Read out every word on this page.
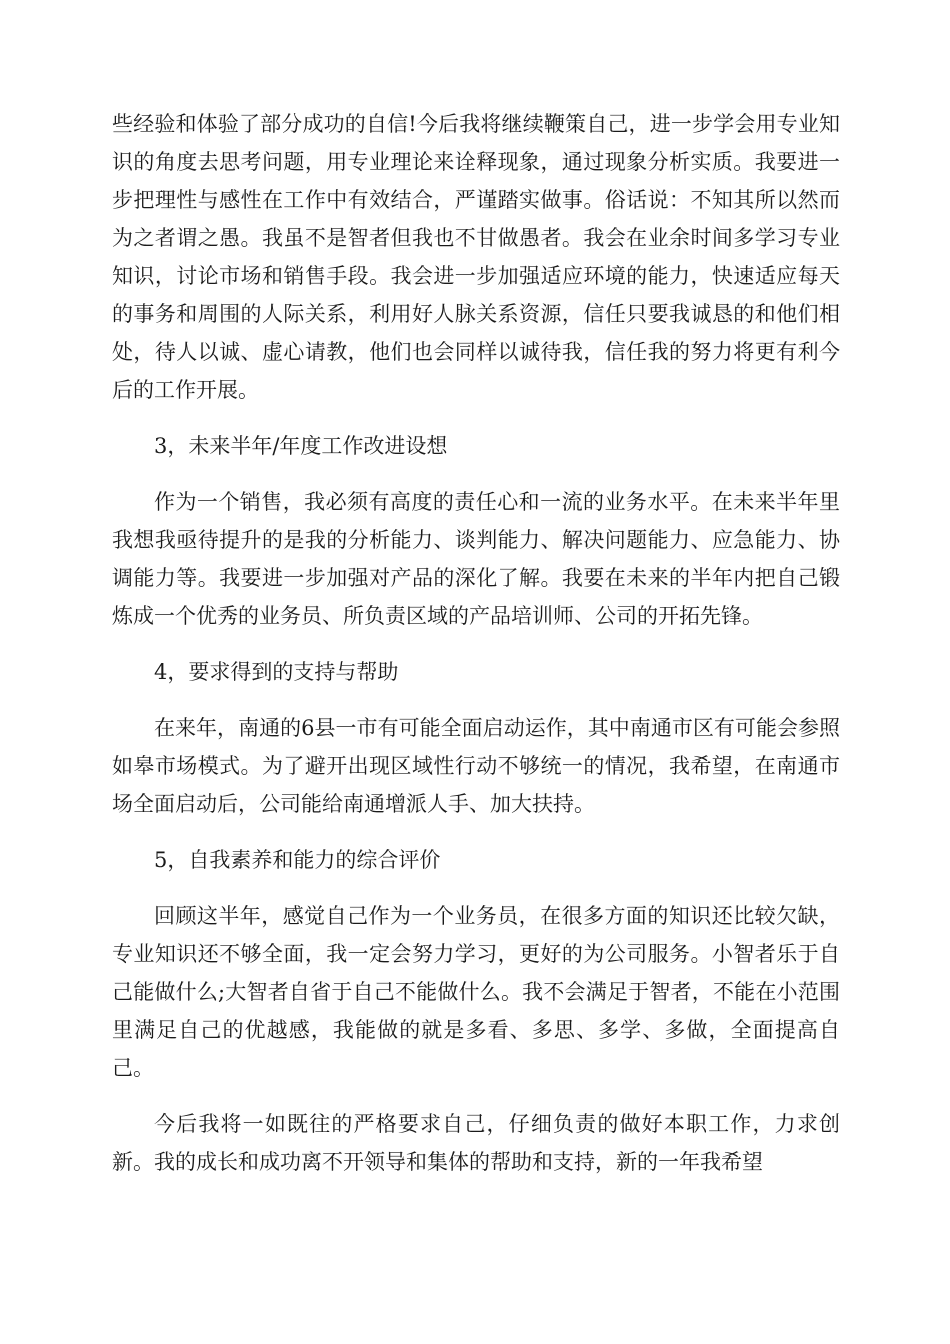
些经验和体验了部分成功的自信!今后我将继续鞭策自己，进一步学会用专业知识的角度去思考问题，用专业理论来诠释现象，通过现象分析实质。我要进一步把理性与感性在工作中有效结合，严谨踏实做事。俗话说：不知其所以然而为之者谓之愚。我虽不是智者但我也不甘做愚者。我会在业余时间多学习专业知识，讨论市场和销售手段。我会进一步加强适应环境的能力，快速适应每天的事务和周围的人际关系，利用好人脉关系资源，信任只要我诚恳的和他们相处，待人以诚、虚心请教，他们也会同样以诚待我，信任我的努力将更有利今后的工作开展。

3，未来半年/年度工作改进设想

作为一个销售，我必须有高度的责任心和一流的业务水平。在未来半年里我想我亟待提升的是我的分析能力、谈判能力、解决问题能力、应急能力、协调能力等。我要进一步加强对产品的深化了解。我要在未来的半年内把自己锻炼成一个优秀的业务员、所负责区域的产品培训师、公司的开拓先锋。

4，要求得到的支持与帮助

在来年，南通的6县一市有可能全面启动运作，其中南通市区有可能会参照如皋市场模式。为了避开出现区域性行动不够统一的情况，我希望，在南通市场全面启动后，公司能给南通增派人手、加大扶持。

5，自我素养和能力的综合评价

回顾这半年，感觉自己作为一个业务员，在很多方面的知识还比较欠缺，专业知识还不够全面，我一定会努力学习，更好的为公司服务。小智者乐于自己能做什么;大智者自省于自己不能做什么。我不会满足于智者，不能在小范围里满足自己的优越感，我能做的就是多看、多思、多学、多做，全面提高自己。

今后我将一如既往的严格要求自己，仔细负责的做好本职工作，力求创新。我的成长和成功离不开领导和集体的帮助和支持，新的一年我希望
